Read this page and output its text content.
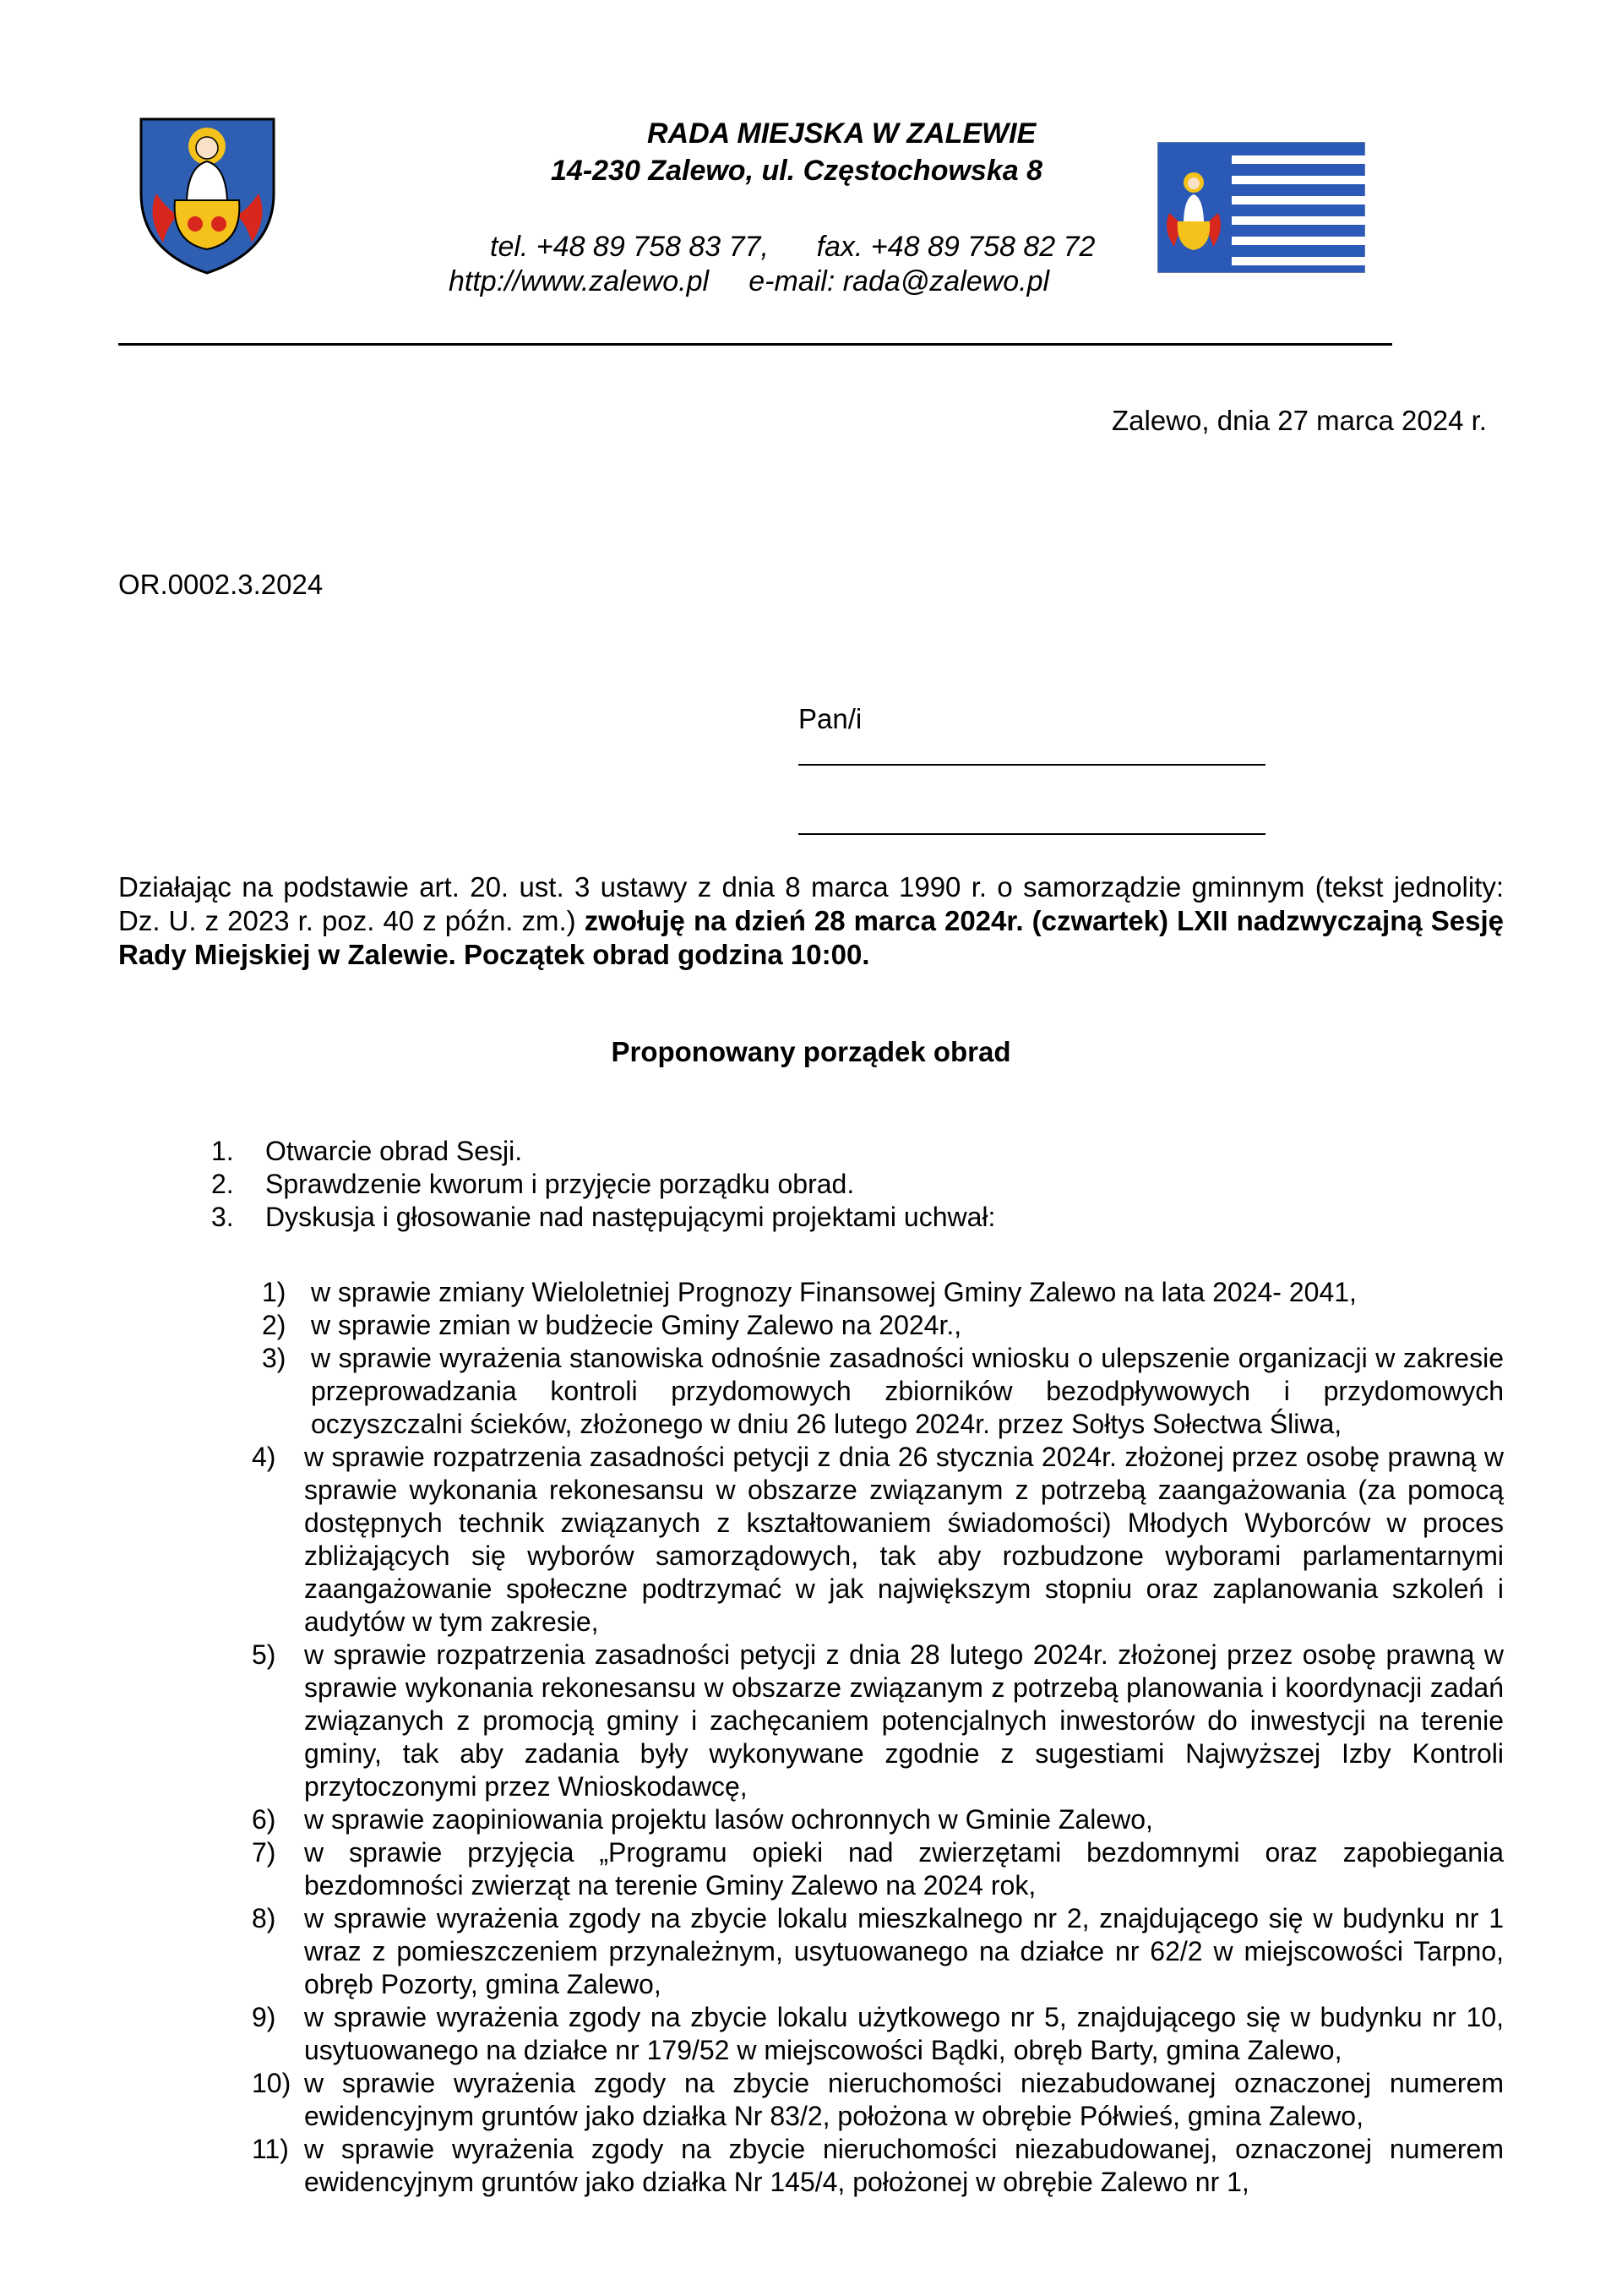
RADA MIEJSKA W ZALEWIE
14-230 Zalewo, ul. Częstochowska 8
tel. +48 89 758 83 77, fax. +48 89 758 82 72
http://www.zalewo.pl e-mail: rada@zalewo.pl
Zalewo, dnia 27 marca 2024 r.
OR.0002.3.2024
Pan/i
Działając na podstawie art. 20. ust. 3 ustawy z dnia 8 marca 1990 r. o samorządzie gminnym (tekst jednolity: Dz. U. z 2023 r. poz. 40 z późn. zm.) zwołuję na dzień 28 marca 2024r. (czwartek) LXII nadzwyczajną Sesję Rady Miejskiej w Zalewie. Początek obrad godzina 10:00.
Proponowany porządek obrad
1.	Otwarcie obrad Sesji.
2.	Sprawdzenie kworum i przyjęcie porządku obrad.
3.	Dyskusja i głosowanie nad następującymi projektami uchwał:
1) w sprawie zmiany Wieloletniej Prognozy Finansowej Gminy Zalewo na lata 2024- 2041,
2) w sprawie zmian w budżecie Gminy Zalewo na 2024r.,
3) w sprawie wyrażenia stanowiska odnośnie zasadności wniosku o ulepszenie organizacji w zakresie przeprowadzania kontroli przydomowych zbiorników bezodpływowych i przydomowych oczyszczalni ścieków, złożonego w dniu 26 lutego 2024r. przez Sołtys Sołectwa Śliwa,
4)	w sprawie rozpatrzenia zasadności petycji z dnia 26 stycznia 2024r. złożonej przez osobę prawną w sprawie wykonania rekonesansu w obszarze związanym z potrzebą zaangażowania (za pomocą dostępnych technik związanych z kształtowaniem świadomości) Młodych Wyborców w proces zbliżających się wyborów samorządowych, tak aby rozbudzone wyborami parlamentarnymi zaangażowanie społeczne podtrzymać w jak największym stopniu oraz zaplanowania szkoleń i audytów w tym zakresie,
5)	w sprawie rozpatrzenia zasadności petycji z dnia 28 lutego 2024r. złożonej przez osobę prawną w sprawie wykonania rekonesansu w obszarze związanym z potrzebą planowania i koordynacji zadań związanych z promocją gminy i zachęcaniem potencjalnych inwestorów do inwestycji na terenie gminy, tak aby zadania były wykonywane zgodnie z sugestiami Najwyższej Izby Kontroli przytoczonymi przez Wnioskodawcę,
6)	w sprawie zaopiniowania projektu lasów ochronnych w Gminie Zalewo,
7)	w sprawie przyjęcia „Programu opieki nad zwierzętami bezdomnymi oraz zapobiegania bezdomności zwierząt na terenie Gminy Zalewo na 2024 rok,
8)	w sprawie wyrażenia zgody na zbycie lokalu mieszkalnego nr 2, znajdującego się w budynku nr 1 wraz z pomieszczeniem przynależnym, usytuowanego na działce nr 62/2 w miejscowości Tarpno, obręb Pozorty, gmina Zalewo,
9)	w sprawie wyrażenia zgody na zbycie lokalu użytkowego nr 5, znajdującego się w budynku nr 10, usytuowanego na działce nr 179/52 w miejscowości Bądki, obręb Barty, gmina Zalewo,
10) w sprawie wyrażenia zgody na zbycie nieruchomości niezabudowanej oznaczonej numerem ewidencyjnym gruntów jako działka Nr 83/2, położona w obrębie Półwieś, gmina Zalewo,
11) w sprawie wyrażenia zgody na zbycie nieruchomości niezabudowanej, oznaczonej numerem ewidencyjnym gruntów jako działka Nr 145/4, położonej w obrębie Zalewo nr 1,
